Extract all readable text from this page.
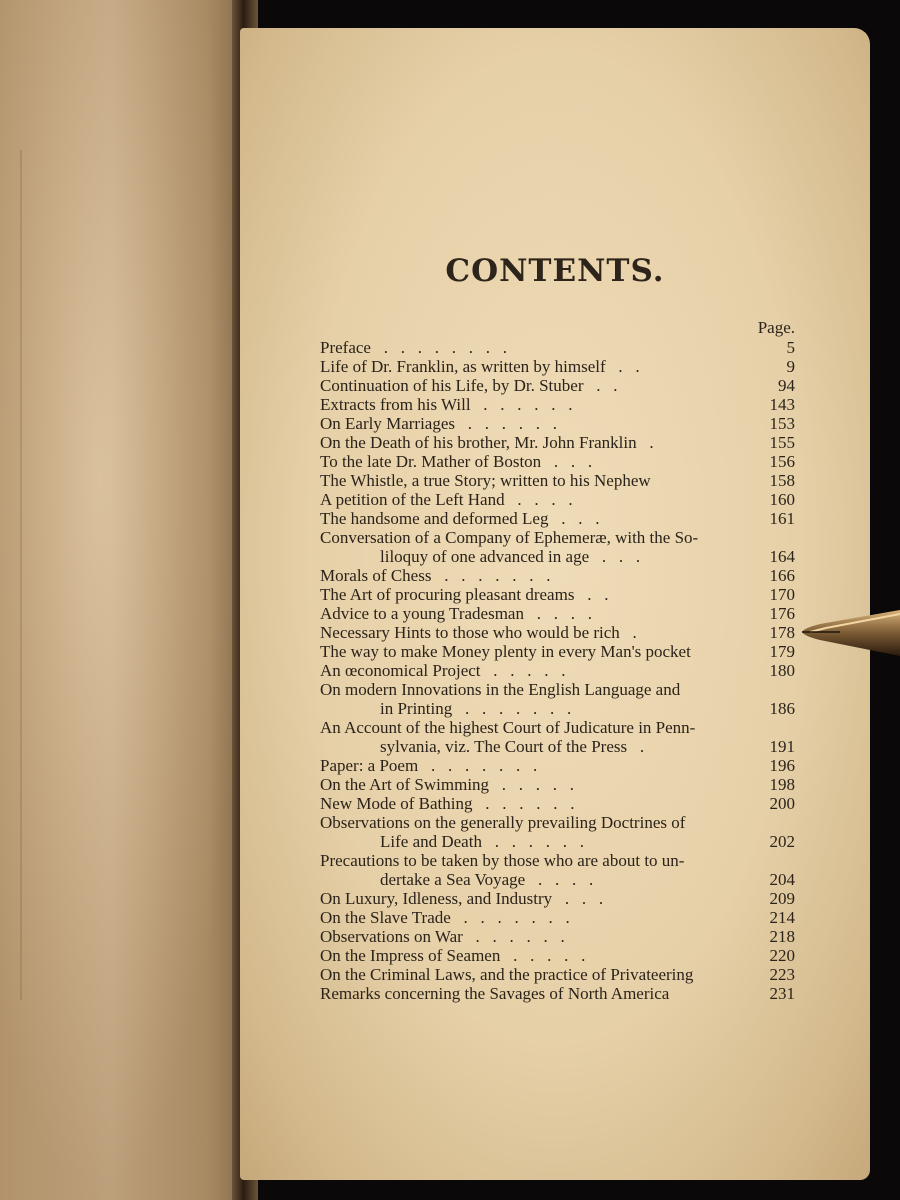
CONTENTS.
Page.
Preface   .   .   .   .   .   .   .   .	5
Life of Dr. Franklin, as written by himself   .   .	9
Continuation of his Life, by Dr. Stuber   .   .	94
Extracts from his Will   .   .   .   .   .   .	143
On Early Marriages   .   .   .   .   .   .	153
On the Death of his brother, Mr. John Franklin   .	155
To the late Dr. Mather of Boston   .   .   .	156
The Whistle, a true Story; written to his Nephew	158
A petition of the Left Hand   .   .   .   .	160
The handsome and deformed Leg   .   .   .	161
Conversation of a Company of Ephemeræ, with the So-
liloquy of one advanced in age   .   .   .	164
Morals of Chess   .   .   .   .   .   .   .	166
The Art of procuring pleasant dreams   .   .	170
Advice to a young Tradesman   .   .   .   .	176
Necessary Hints to those who would be rich   .	178
The way to make Money plenty in every Man's pocket	179
An œconomical Project   .   .   .   .   .	180
On modern Innovations in the English Language and
in Printing   .   .   .   .   .   .   .	186
An Account of the highest Court of Judicature in Penn-
sylvania, viz. The Court of the Press   .	191
Paper: a Poem   .   .   .   .   .   .   .	196
On the Art of Swimming   .   .   .   .   .	198
New Mode of Bathing   .   .   .   .   .   .	200
Observations on the generally prevailing Doctrines of
Life and Death   .   .   .   .   .   .	202
Precautions to be taken by those who are about to un-
dertake a Sea Voyage   .   .   .   .	204
On Luxury, Idleness, and Industry   .   .   .	209
On the Slave Trade   .   .   .   .   .   .   .	214
Observations on War   .   .   .   .   .   .	218
On the Impress of Seamen   .   .   .   .   .	220
On the Criminal Laws, and the practice of Privateering	223
Remarks concerning the Savages of North America	231
